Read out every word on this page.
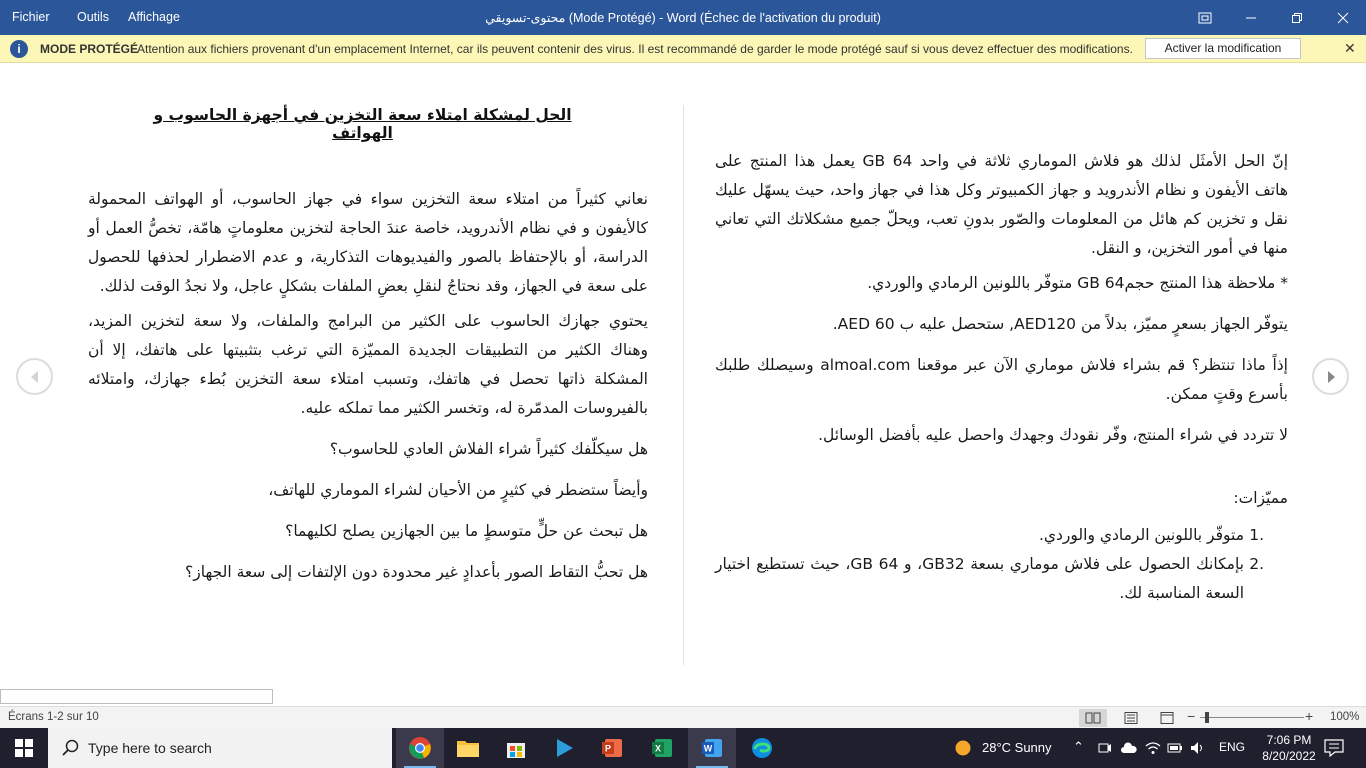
Fichier Outils Affichage	محتوى-تسويقي (Mode Protégé) - Word (Échec de l'activation du produit)
i	MODE PROTÉGÉ
Attention aux fichiers provenant d'un emplacement Internet, car ils peuvent contenir des virus. Il est recommandé de garder le mode protégé sauf si vous devez effectuer des modifications.	Activer la modification	✕
الحل لمشكلة امتلاء سعة التخزين في أجهزة الحاسوب و الهواتف

نعاني كثيراً من امتلاء سعة التخزين سواء في جهاز الحاسوب، أو الهواتف المحمولة كالأيفون و في نظام الأندرويد، خاصة عندَ الحاجة لتخزين معلوماتٍ هامّة، تخصُّ العمل أو الدراسة، أو بالإحتفاظ بالصور والفيديوهات التذكارية، و عدم الاضطرار لحذفها للحصول على سعة في الجهاز، وقد نحتاجُ لنقلِ بعضِ الملفات بشكلٍ عاجل، ولا نجدُ الوقت لذلك.

يحتوي جهازك الحاسوب على الكثير من البرامج والملفات، ولا سعة لتخزين المزيد، وهناك الكثير من التطبيقات الجديدة المميّزة التي ترغب بتثبيتها على هاتفك، إلا أن المشكلة ذاتها تحصل في هاتفك، وتسبب امتلاء سعة التخزين بُطء جهازك، وامتلائه بالفيروسات المدمّرة له، وتخسر الكثير مما تملكه عليه.

هل سيكلّفك كثيراً شراء الفلاش العادي للحاسوب؟

وأيضاً ستضطر في كثيرٍ من الأحيان لشراء الموماري للهاتف،

هل تبحث عن حلٍّ متوسطٍ ما بين الجهازين يصلح لكليهما؟

هل تحبُّ التقاط الصور بأعدادٍ غير محدودة دون الإلتفات إلى سعة الجهاز؟

إنّ الحل الأمثَل لذلك هو فلاش الموماري ثلاثة في واحد 64 GB يعمل هذا المنتج على هاتف الأيفون و نظام الأندرويد و جهاز الكمبيوتر وكل هذا في جهاز واحد، حيث يسهّل عليك نقل و تخزين كم هائل من المعلومات والصّور بدونِ تعب، ويحلّ جميع مشكلاتك التي تعاني منها في أمور التخزين، و النقل.

* ملاحظة هذا المنتج حجم64 GB متوفّر باللونين الرمادي والوردي.

يتوفّر الجهاز بسعرٍ مميّز، بدلاً من AED120, ستحصل عليه ب AED 60.

إذاً ماذا تنتظر؟ قم بشراء فلاش موماري الآن عبر موقعنا almoal.com وسيصلك طلبك بأسرع وقتٍ ممكن.

لا تتردد في شراء المنتج، وفّر نقودك وجهدك واحصل عليه بأفضل الوسائل.

مميّزات:

1.
متوفّر باللونين الرمادي والوردي.
2.
بإمكانك الحصول على فلاش موماري بسعة GB32، و GB 64، حيث تستطيع اختيار السعة المناسبة لك.
Écrans 1-2 sur 10	−	+ 100%
Type here to search	P	X	W	28°C Sunny ⌃	ENG	7:06 PM
8/20/2022
